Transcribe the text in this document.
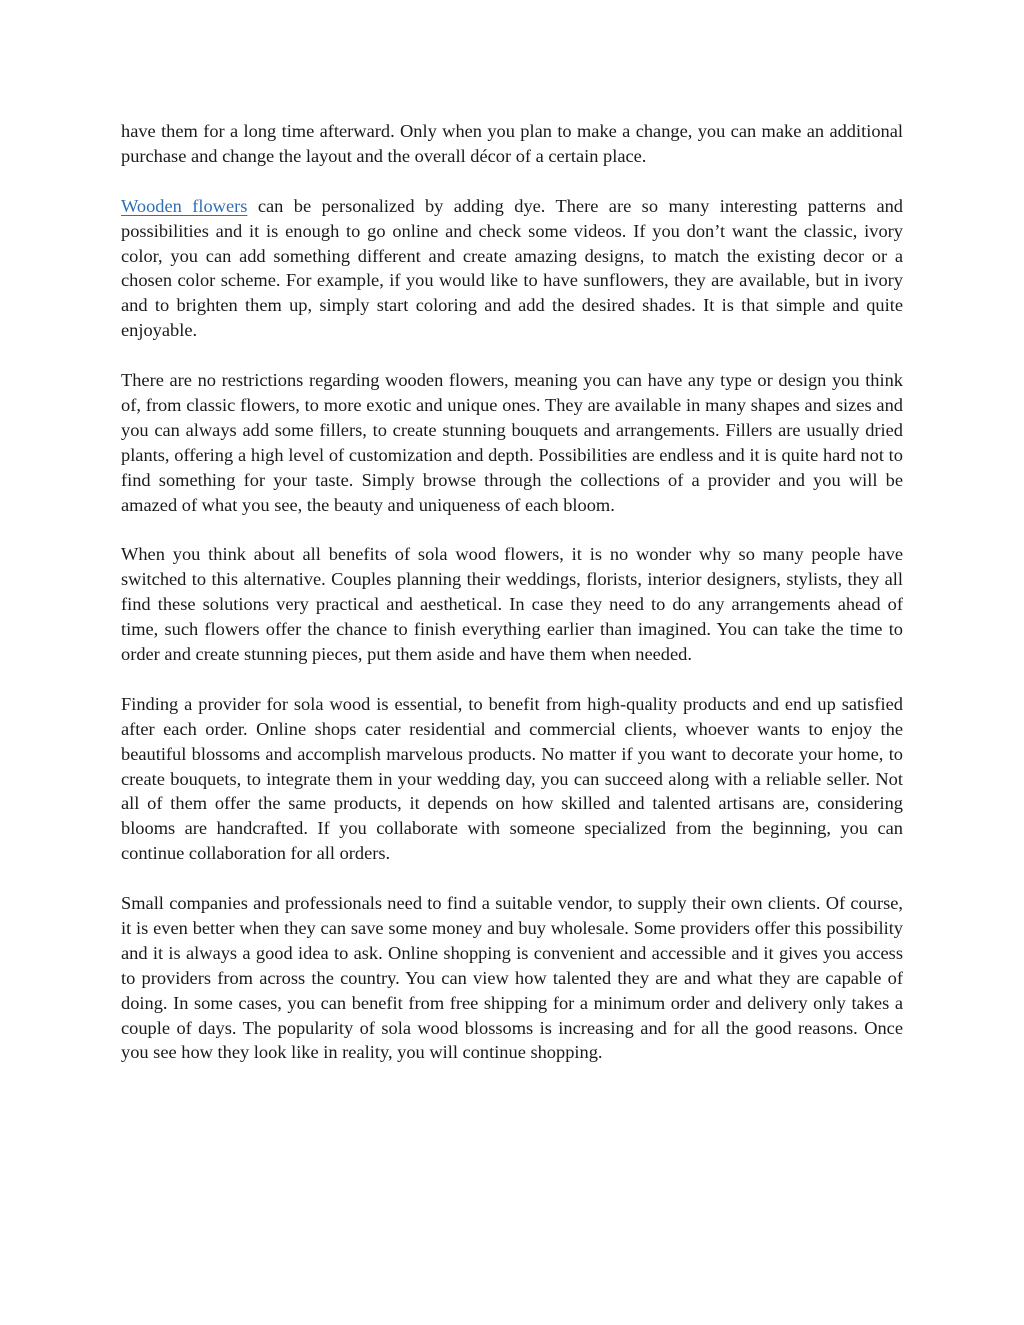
have them for a long time afterward. Only when you plan to make a change, you can make an additional purchase and change the layout and the overall décor of a certain place.

Wooden flowers can be personalized by adding dye. There are so many interesting patterns and possibilities and it is enough to go online and check some videos. If you don’t want the classic, ivory color, you can add something different and create amazing designs, to match the existing decor or a chosen color scheme. For example, if you would like to have sunflowers, they are available, but in ivory and to brighten them up, simply start coloring and add the desired shades. It is that simple and quite enjoyable.

There are no restrictions regarding wooden flowers, meaning you can have any type or design you think of, from classic flowers, to more exotic and unique ones. They are available in many shapes and sizes and you can always add some fillers, to create stunning bouquets and arrangements. Fillers are usually dried plants, offering a high level of customization and depth. Possibilities are endless and it is quite hard not to find something for your taste. Simply browse through the collections of a provider and you will be amazed of what you see, the beauty and uniqueness of each bloom.

When you think about all benefits of sola wood flowers, it is no wonder why so many people have switched to this alternative. Couples planning their weddings, florists, interior designers, stylists, they all find these solutions very practical and aesthetical. In case they need to do any arrangements ahead of time, such flowers offer the chance to finish everything earlier than imagined. You can take the time to order and create stunning pieces, put them aside and have them when needed.

Finding a provider for sola wood is essential, to benefit from high-quality products and end up satisfied after each order. Online shops cater residential and commercial clients, whoever wants to enjoy the beautiful blossoms and accomplish marvelous products. No matter if you want to decorate your home, to create bouquets, to integrate them in your wedding day, you can succeed along with a reliable seller. Not all of them offer the same products, it depends on how skilled and talented artisans are, considering blooms are handcrafted. If you collaborate with someone specialized from the beginning, you can continue collaboration for all orders.

Small companies and professionals need to find a suitable vendor, to supply their own clients. Of course, it is even better when they can save some money and buy wholesale. Some providers offer this possibility and it is always a good idea to ask. Online shopping is convenient and accessible and it gives you access to providers from across the country. You can view how talented they are and what they are capable of doing. In some cases, you can benefit from free shipping for a minimum order and delivery only takes a couple of days. The popularity of sola wood blossoms is increasing and for all the good reasons. Once you see how they look like in reality, you will continue shopping.
